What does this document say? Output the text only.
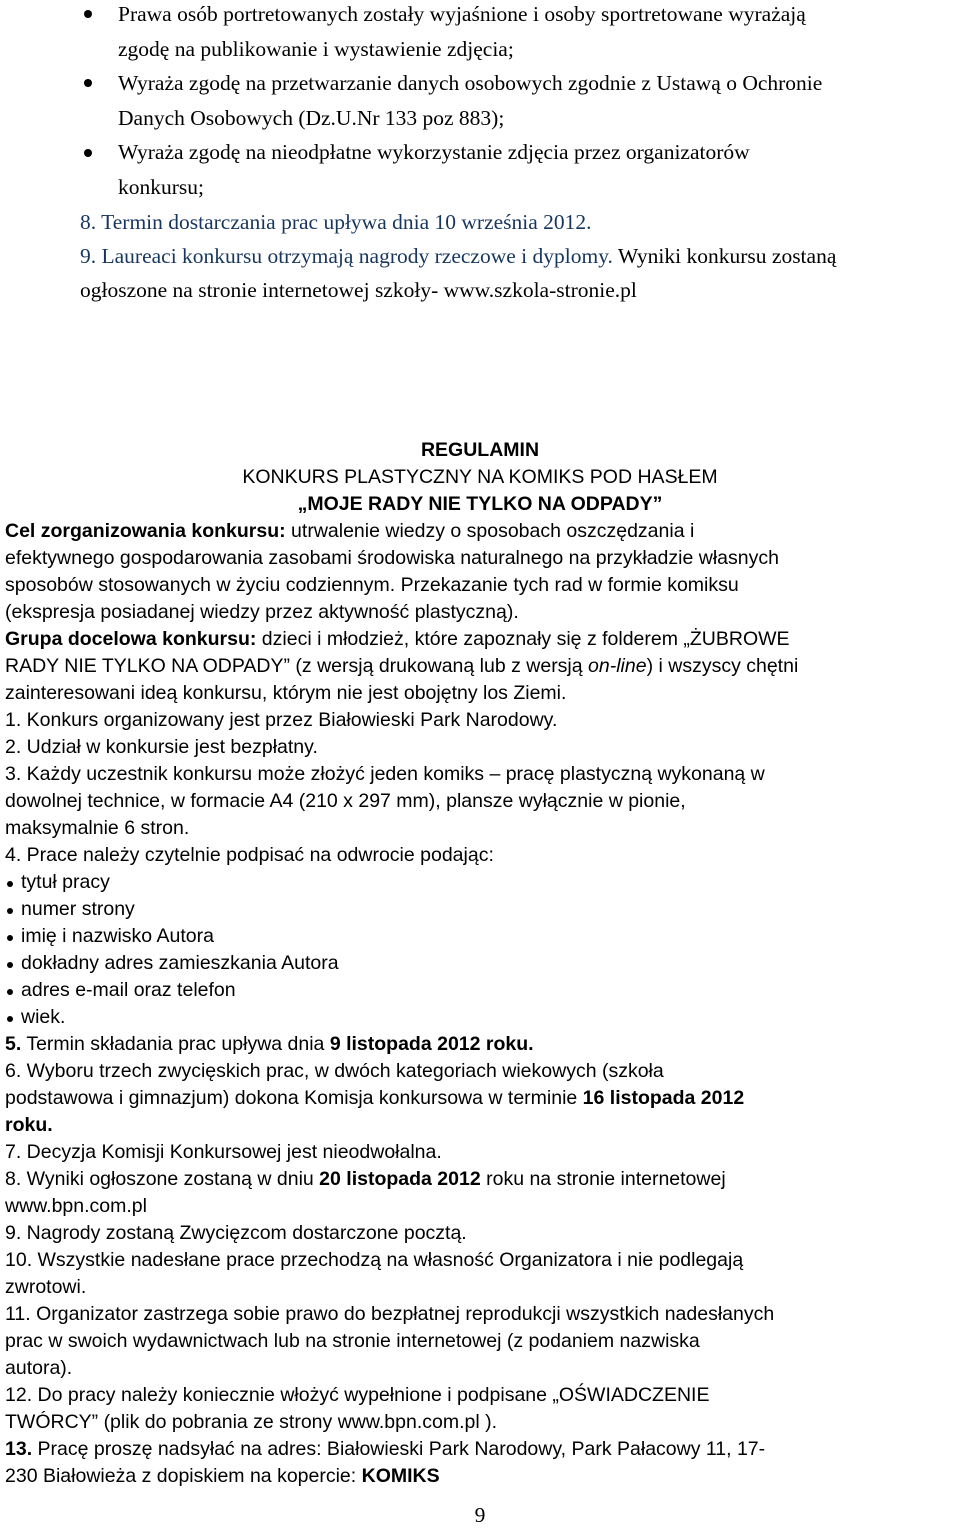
Prawa osób portretowanych zostały wyjaśnione i osoby sportretowane wyrażają
zgodę na publikowanie i wystawienie zdjęcia;
Wyraża zgodę na przetwarzanie danych osobowych zgodnie z Ustawą o Ochronie
Danych Osobowych (Dz.U.Nr 133 poz 883);
Wyraża zgodę na nieodpłatne wykorzystanie zdjęcia przez organizatorów
konkursu;
8. Termin dostarczania prac upływa dnia 10 września 2012.
9. Laureaci konkursu otrzymają nagrody rzeczowe i dyplomy. Wyniki konkursu zostaną
ogłoszone na stronie internetowej szkoły- www.szkola-stronie.pl
REGULAMIN
KONKURS PLASTYCZNY NA KOMIKS POD HASŁEM
„MOJE RADY NIE TYLKO NA ODPADY”
Cel zorganizowania konkursu: utrwalenie wiedzy o sposobach oszczędzania i
efektywnego gospodarowania zasobami środowiska naturalnego na przykładzie własnych
sposobów stosowanych w życiu codziennym. Przekazanie tych rad w formie komiksu
(ekspresja posiadanej wiedzy przez aktywność plastyczną).
Grupa docelowa konkursu: dzieci i młodzież, które zapoznały się z folderem „ŻUBROWE
RADY NIE TYLKO NA ODPADY” (z wersją drukowaną lub z wersją on-line) i wszyscy chętni
zainteresowani ideą konkursu, którym nie jest obojętny los Ziemi.
1. Konkurs organizowany jest przez Białowieski Park Narodowy.
2. Udział w konkursie jest bezpłatny.
3. Każdy uczestnik konkursu może złożyć jeden komiks – pracę plastyczną wykonaną w
dowolnej technice, w formacie A4 (210 x 297 mm), plansze wyłącznie w pionie,
maksymalnie 6 stron.
4. Prace należy czytelnie podpisać na odwrocie podając:
tytuł pracy
numer strony
imię i nazwisko Autora
dokładny adres zamieszkania Autora
adres e-mail oraz telefon
wiek.
5. Termin składania prac upływa dnia 9 listopada 2012 roku.
6. Wyboru trzech zwycięskich prac, w dwóch kategoriach wiekowych (szkoła
podstawowa i gimnazjum) dokona Komisja konkursowa w terminie 16 listopada 2012
roku.
7. Decyzja Komisji Konkursowej jest nieodwołalna.
8. Wyniki ogłoszone zostaną w dniu 20 listopada 2012 roku na stronie internetowej
www.bpn.com.pl
9. Nagrody zostaną Zwycięzcom dostarczone pocztą.
10. Wszystkie nadesłane prace przechodzą na własność Organizatora i nie podlegają
zwrotowi.
11. Organizator zastrzega sobie prawo do bezpłatnej reprodukcji wszystkich nadesłanych
prac w swoich wydawnictwach lub na stronie internetowej (z podaniem nazwiska
autora).
12. Do pracy należy koniecznie włożyć wypełnione i podpisane „OŚWIADCZENIE
TWÓRCY” (plik do pobrania ze strony www.bpn.com.pl ).
13. Pracę proszę nadsyłać na adres: Białowieski Park Narodowy, Park Pałacowy 11, 17-
230 Białowieża z dopiskiem na kopercie: KOMIKS
9
